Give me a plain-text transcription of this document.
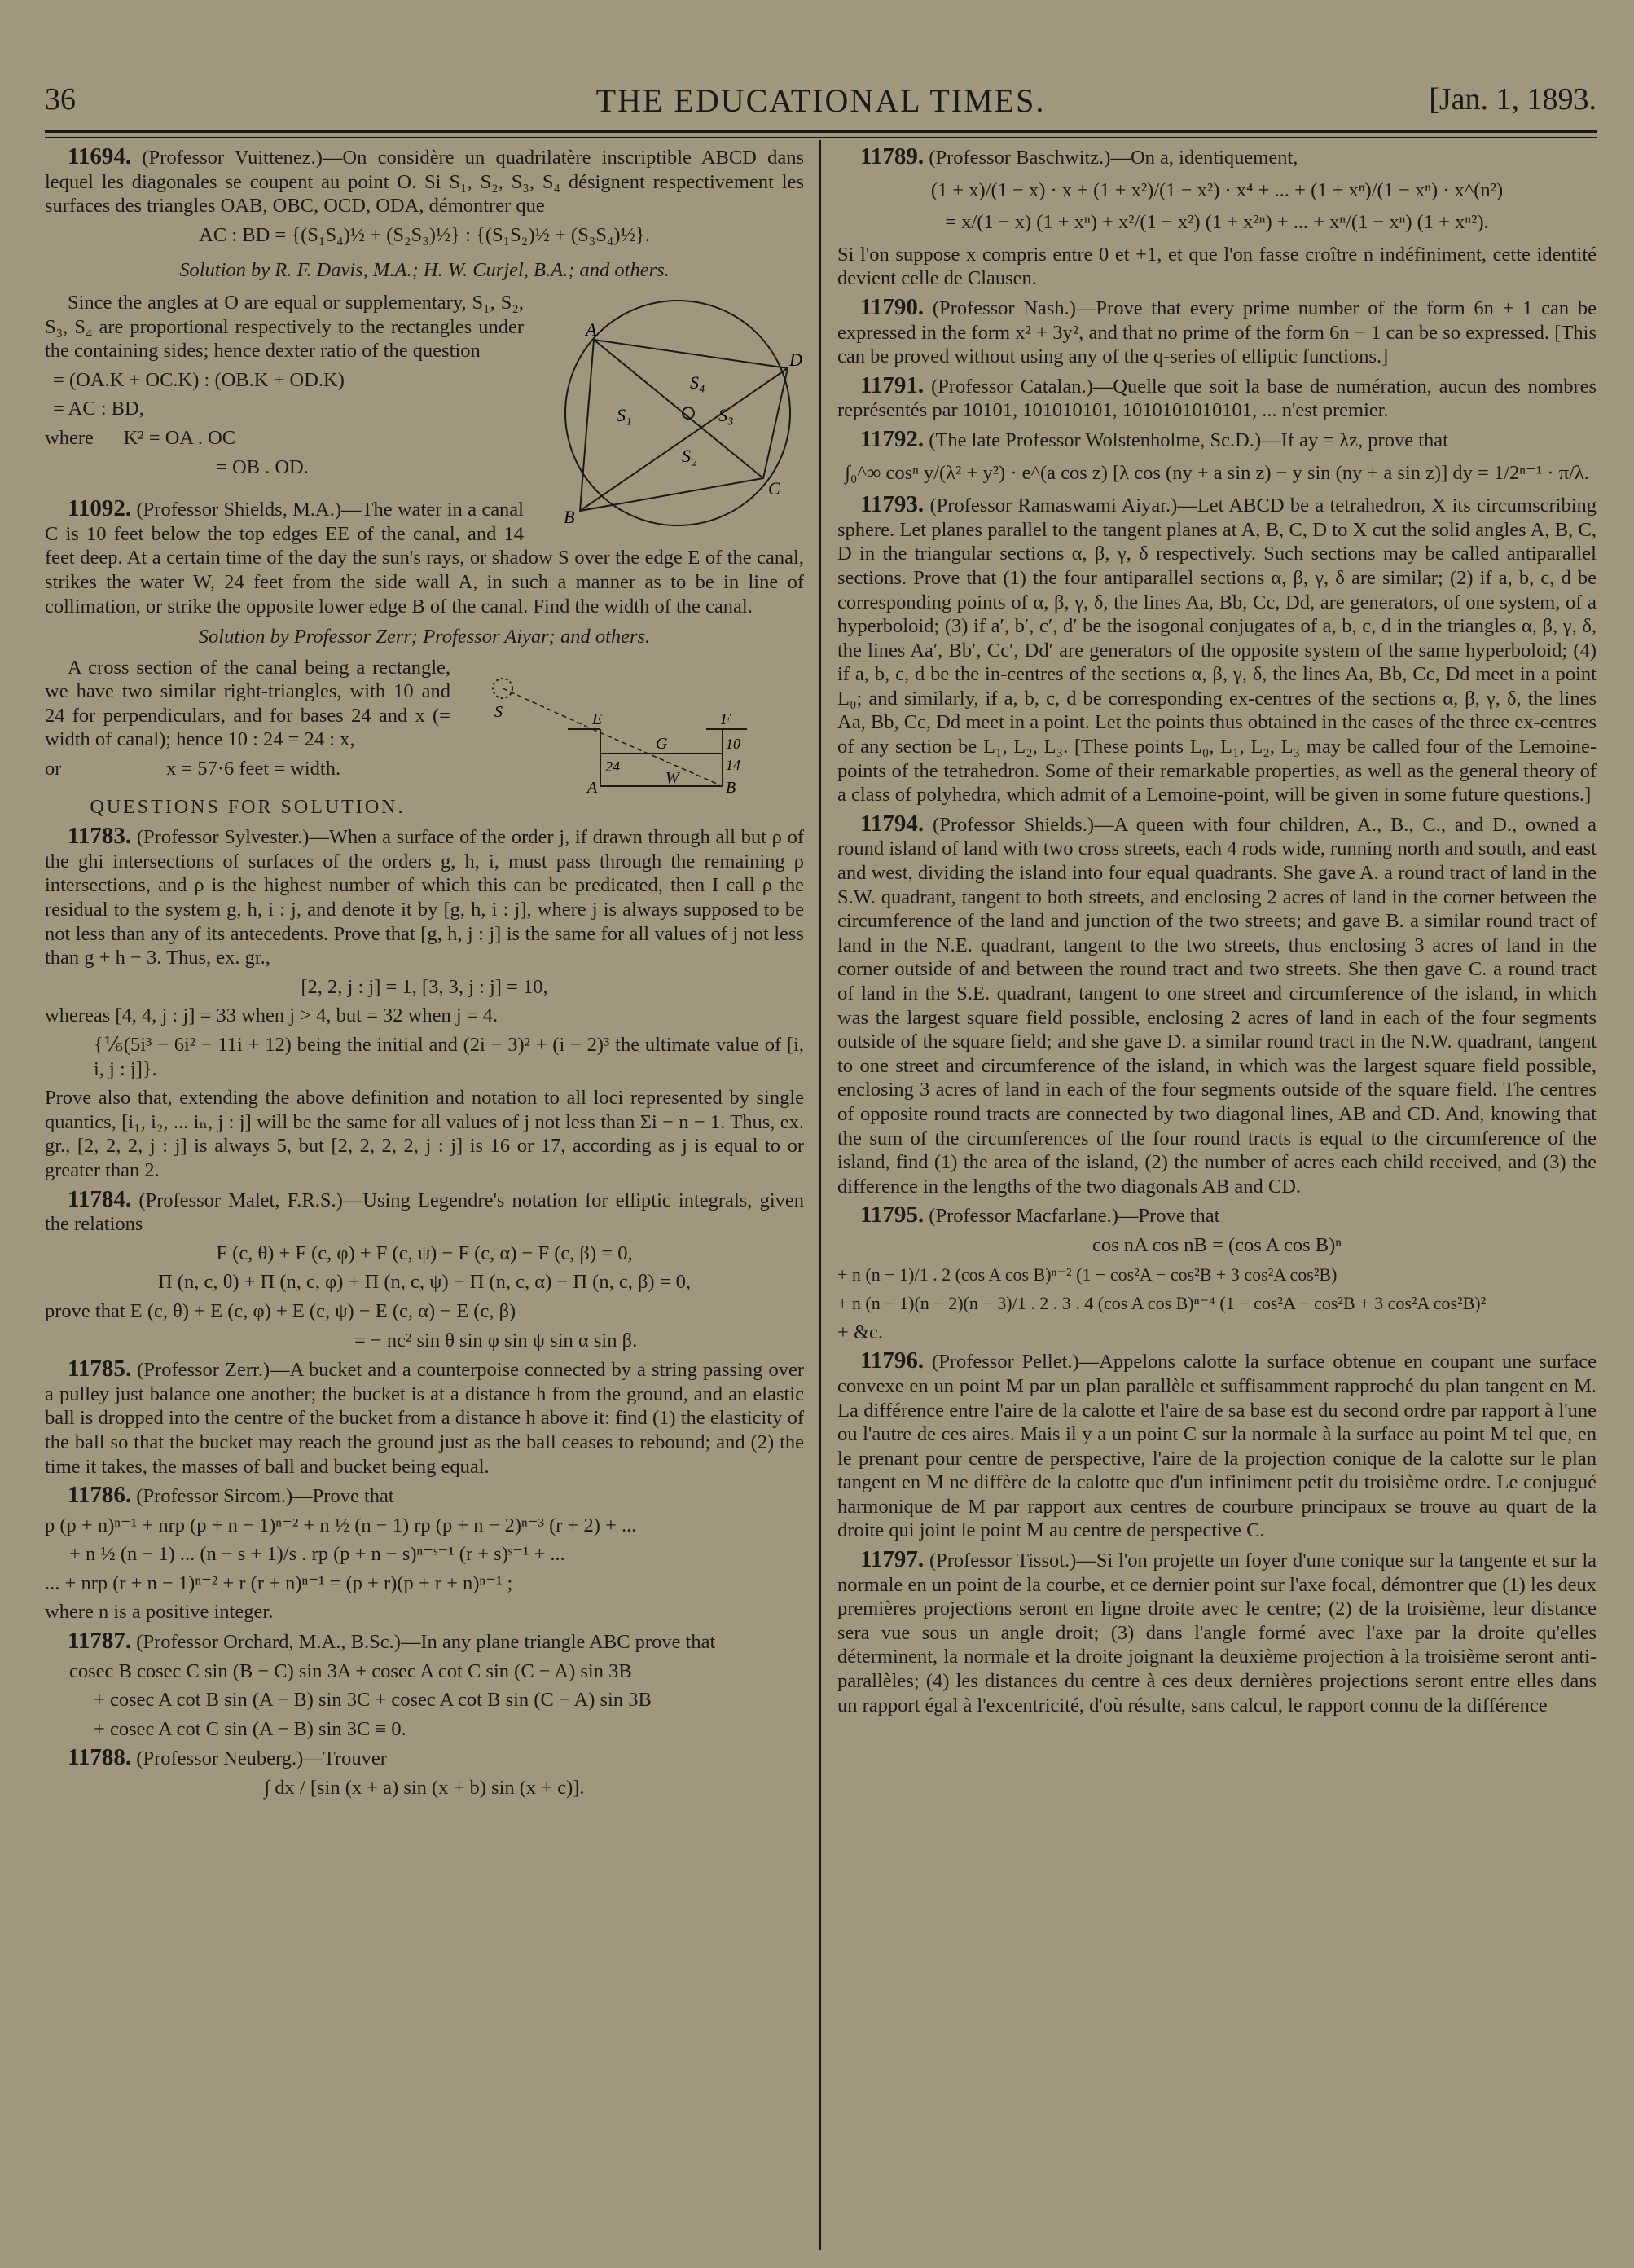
36	THE EDUCATIONAL TIMES.	[Jan. 1, 1893.

11694. (Professor Vuittenez.)—On considère un quadrilatère inscriptible ABCD dans lequel les diagonales se coupent au point O. Si S₁, S₂, S₃, S₄ désignent respectivement les surfaces des triangles OAB, OBC, OCD, ODA, démontrer que

AC : BD = {(S₁S₄)½ + (S₂S₃)½} : {(S₁S₂)½ + (S₃S₄)½}.

Solution by R. F. Davis, M.A.; H. W. Curjel, B.A.; and others.

A
D
C
B
S₁
S₂
S₃
S₄

Since the angles at O are equal or supplementary, S₁, S₂, S₃, S₄ are proportional respectively to the rectangles under the containing sides; hence dexter ratio of the question

= (OA.K + OC.K) : (OB.K + OD.K)

= AC : BD,

where      K² = OA . OC

= OB . OD.

11092. (Professor Shields, M.A.)—The water in a canal C is 10 feet below the top edges EE of the canal, and 14 feet deep. At a certain time of the day the sun's rays, or shadow S over the edge E of the canal, strikes the water W, 24 feet from the side wall A, in such a manner as to be in line of collimation, or strike the opposite lower edge B of the canal. Find the width of the canal.

Solution by Professor Zerr; Professor Aiyar; and others.

S	E	F
G
24
10
14
A
W
B

A cross section of the canal being a rectangle, we have two similar right-triangles, with 10 and 24 for perpendiculars, and for bases 24 and x (= width of canal); hence 10 : 24 = 24 : x,

or                     x = 57·6 feet = width.

QUESTIONS FOR SOLUTION.

11783. (Professor Sylvester.)—When a surface of the order j, if drawn through all but ρ of the ghi intersections of surfaces of the orders g, h, i, must pass through the remaining ρ intersections, and ρ is the highest number of which this can be predicated, then I call ρ the residual to the system g, h, i : j, and denote it by [g, h, i : j], where j is always supposed to be not less than any of its antecedents. Prove that [g, h, j : j] is the same for all values of j not less than g + h − 3. Thus, ex. gr.,

[2, 2, j : j] = 1, [3, 3, j : j] = 10,

whereas [4, 4, j : j] = 33 when j > 4, but = 32 when j = 4.

{⅙(5i³ − 6i² − 11i + 12) being the initial and (2i − 3)² + (i − 2)³ the ultimate value of [i, i, j : j]}.

Prove also that, extending the above definition and notation to all loci represented by single quantics, [i₁, i₂, ... iₙ, j : j] will be the same for all values of j not less than Σi − n − 1. Thus, ex. gr., [2, 2, 2, j : j] is always 5, but [2, 2, 2, 2, j : j] is 16 or 17, according as j is equal to or greater than 2.

11784. (Professor Malet, F.R.S.)—Using Legendre's notation for elliptic integrals, given the relations

F (c, θ) + F (c, φ) + F (c, ψ) − F (c, α) − F (c, β) = 0,

Π (n, c, θ) + Π (n, c, φ) + Π (n, c, ψ) − Π (n, c, α) − Π (n, c, β) = 0,

prove that E (c, θ) + E (c, φ) + E (c, ψ) − E (c, α) − E (c, β)

= − nc² sin θ sin φ sin ψ sin α sin β.

11785. (Professor Zerr.)—A bucket and a counterpoise connected by a string passing over a pulley just balance one another; the bucket is at a distance h from the ground, and an elastic ball is dropped into the centre of the bucket from a distance h above it: find (1) the elasticity of the ball so that the bucket may reach the ground just as the ball ceases to rebound; and (2) the time it takes, the masses of ball and bucket being equal.

11786. (Professor Sircom.)—Prove that

p (p + n)ⁿ⁻¹ + nrp (p + n − 1)ⁿ⁻² + n ½ (n − 1) rp (p + n − 2)ⁿ⁻³ (r + 2) + ...

+ n ½ (n − 1) ... (n − s + 1)/s . rp (p + n − s)ⁿ⁻ˢ⁻¹ (r + s)ˢ⁻¹ + ...

... + nrp (r + n − 1)ⁿ⁻² + r (r + n)ⁿ⁻¹ = (p + r)(p + r + n)ⁿ⁻¹ ;

where n is a positive integer.

11787. (Professor Orchard, M.A., B.Sc.)—In any plane triangle ABC prove that

cosec B cosec C sin (B − C) sin 3A + cosec A cot C sin (C − A) sin 3B

+ cosec A cot B sin (A − B) sin 3C + cosec A cot B sin (C − A) sin 3B

+ cosec A cot C sin (A − B) sin 3C ≡ 0.

11788. (Professor Neuberg.)—Trouver

∫ dx / [sin (x + a) sin (x + b) sin (x + c)].

11789. (Professor Baschwitz.)—On a, identiquement,

(1 + x)/(1 − x) · x + (1 + x²)/(1 − x²) · x⁴ + ... + (1 + xⁿ)/(1 − xⁿ) · x^(n²)

= x/(1 − x) (1 + xⁿ) + x²/(1 − x²) (1 + x²ⁿ) + ... + xⁿ/(1 − xⁿ) (1 + xⁿ²).

Si l'on suppose x compris entre 0 et +1, et que l'on fasse croître n indéfiniment, cette identité devient celle de Clausen.

11790. (Professor Nash.)—Prove that every prime number of the form 6n + 1 can be expressed in the form x² + 3y², and that no prime of the form 6n − 1 can be so expressed. [This can be proved without using any of the q-series of elliptic functions.]

11791. (Professor Catalan.)—Quelle que soit la base de numération, aucun des nombres représentés par 10101, 101010101, 1010101010101, ... n'est premier.

11792. (The late Professor Wolstenholme, Sc.D.)—If ay = λz, prove that

∫₀^∞ cosⁿ y/(λ² + y²) · e^(a cos z) [λ cos (ny + a sin z) − y sin (ny + a sin z)] dy = 1/2ⁿ⁻¹ · π/λ.

11793. (Professor Ramaswami Aiyar.)—Let ABCD be a tetrahedron, X its circumscribing sphere. Let planes parallel to the tangent planes at A, B, C, D to X cut the solid angles A, B, C, D in the triangular sections α, β, γ, δ respectively. Such sections may be called antiparallel sections. Prove that (1) the four antiparallel sections α, β, γ, δ are similar; (2) if a, b, c, d be corresponding points of α, β, γ, δ, the lines Aa, Bb, Cc, Dd, are generators, of one system, of a hyperboloid; (3) if a′, b′, c′, d′ be the isogonal conjugates of a, b, c, d in the triangles α, β, γ, δ, the lines Aa′, Bb′, Cc′, Dd′ are generators of the opposite system of the same hyperboloid; (4) if a, b, c, d be the in-centres of the sections α, β, γ, δ, the lines Aa, Bb, Cc, Dd meet in a point L₀; and similarly, if a, b, c, d be corresponding ex-centres of the sections α, β, γ, δ, the lines Aa, Bb, Cc, Dd meet in a point. Let the points thus obtained in the cases of the three ex-centres of any section be L₁, L₂, L₃. [These points L₀, L₁, L₂, L₃ may be called four of the Lemoine-points of the tetrahedron. Some of their remarkable properties, as well as the general theory of a class of polyhedra, which admit of a Lemoine-point, will be given in some future questions.]

11794. (Professor Shields.)—A queen with four children, A., B., C., and D., owned a round island of land with two cross streets, each 4 rods wide, running north and south, and east and west, dividing the island into four equal quadrants. She gave A. a round tract of land in the S.W. quadrant, tangent to both streets, and enclosing 2 acres of land in the corner between the circumference of the land and junction of the two streets; and gave B. a similar round tract of land in the N.E. quadrant, tangent to the two streets, thus enclosing 3 acres of land in the corner outside of and between the round tract and two streets. She then gave C. a round tract of land in the S.E. quadrant, tangent to one street and circumference of the island, in which was the largest square field possible, enclosing 2 acres of land in each of the four segments outside of the square field; and she gave D. a similar round tract in the N.W. quadrant, tangent to one street and circumference of the island, in which was the largest square field possible, enclosing 3 acres of land in each of the four segments outside of the square field. The centres of opposite round tracts are connected by two diagonal lines, AB and CD. And, knowing that the sum of the circumferences of the four round tracts is equal to the circumference of the island, find (1) the area of the island, (2) the number of acres each child received, and (3) the difference in the lengths of the two diagonals AB and CD.

11795. (Professor Macfarlane.)—Prove that

cos nA cos nB = (cos A cos B)ⁿ

+ n (n − 1)/1 . 2 (cos A cos B)ⁿ⁻² (1 − cos²A − cos²B + 3 cos²A cos²B)

+ n (n − 1)(n − 2)(n − 3)/1 . 2 . 3 . 4 (cos A cos B)ⁿ⁻⁴ (1 − cos²A − cos²B + 3 cos²A cos²B)²

+ &c.

11796. (Professor Pellet.)—Appelons calotte la surface obtenue en coupant une surface convexe en un point M par un plan parallèle et suffisamment rapproché du plan tangent en M. La différence entre l'aire de la calotte et l'aire de sa base est du second ordre par rapport à l'une ou l'autre de ces aires. Mais il y a un point C sur la normale à la surface au point M tel que, en le prenant pour centre de perspective, l'aire de la projection conique de la calotte sur le plan tangent en M ne diffère de la calotte que d'un infiniment petit du troisième ordre. Le conjugué harmonique de M par rapport aux centres de courbure principaux se trouve au quart de la droite qui joint le point M au centre de perspective C.

11797. (Professor Tissot.)—Si l'on projette un foyer d'une conique sur la tangente et sur la normale en un point de la courbe, et ce dernier point sur l'axe focal, démontrer que (1) les deux premières projections seront en ligne droite avec le centre; (2) de la troisième, leur distance sera vue sous un angle droit; (3) dans l'angle formé avec l'axe par la droite qu'elles déterminent, la normale et la droite joignant la deuxième projection à la troisième seront anti-parallèles; (4) les distances du centre à ces deux dernières projections seront entre elles dans un rapport égal à l'excentricité, d'où résulte, sans calcul, le rapport connu de la différence
